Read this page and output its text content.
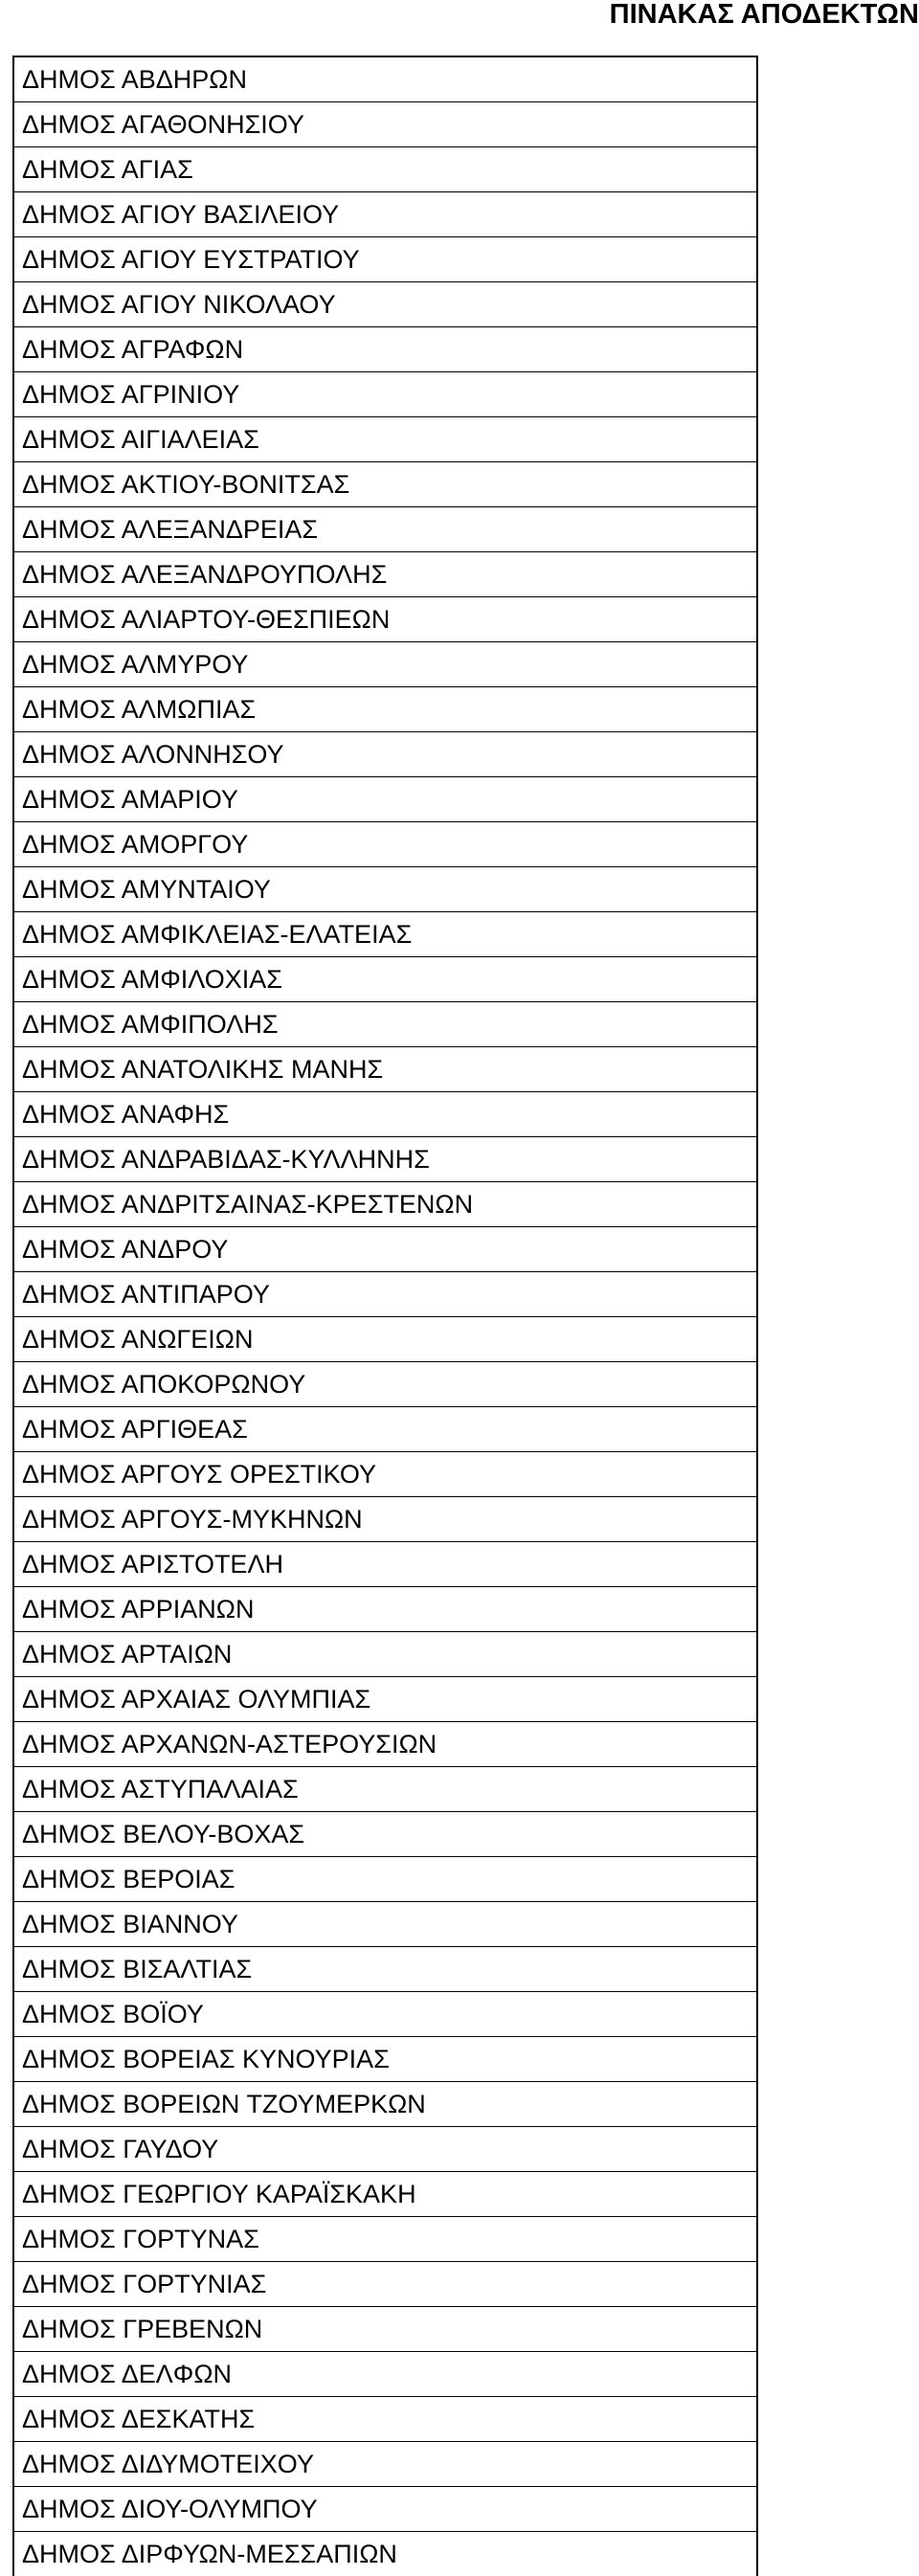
ΠΙΝΑΚΑΣ ΑΠΟΔΕΚΤΩΝ
ΔΗΜΟΣ ΑΒΔΗΡΩΝ
ΔΗΜΟΣ ΑΓΑΘΟΝΗΣΙΟΥ
ΔΗΜΟΣ ΑΓΙΑΣ
ΔΗΜΟΣ ΑΓΙΟΥ ΒΑΣΙΛΕΙΟΥ
ΔΗΜΟΣ ΑΓΙΟΥ ΕΥΣΤΡΑΤΙΟΥ
ΔΗΜΟΣ ΑΓΙΟΥ ΝΙΚΟΛΑΟΥ
ΔΗΜΟΣ ΑΓΡΑΦΩΝ
ΔΗΜΟΣ ΑΓΡΙΝΙΟΥ
ΔΗΜΟΣ ΑΙΓΙΑΛΕΙΑΣ
ΔΗΜΟΣ ΑΚΤΙΟΥ-ΒΟΝΙΤΣΑΣ
ΔΗΜΟΣ ΑΛΕΞΑΝΔΡΕΙΑΣ
ΔΗΜΟΣ ΑΛΕΞΑΝΔΡΟΥΠΟΛΗΣ
ΔΗΜΟΣ ΑΛΙΑΡΤΟΥ-ΘΕΣΠΙΕΩΝ
ΔΗΜΟΣ ΑΛΜΥΡΟΥ
ΔΗΜΟΣ ΑΛΜΩΠΙΑΣ
ΔΗΜΟΣ ΑΛΟΝΝΗΣΟΥ
ΔΗΜΟΣ ΑΜΑΡΙΟΥ
ΔΗΜΟΣ ΑΜΟΡΓΟΥ
ΔΗΜΟΣ ΑΜΥΝΤΑΙΟΥ
ΔΗΜΟΣ ΑΜΦΙΚΛΕΙΑΣ-ΕΛΑΤΕΙΑΣ
ΔΗΜΟΣ ΑΜΦΙΛΟΧΙΑΣ
ΔΗΜΟΣ ΑΜΦΙΠΟΛΗΣ
ΔΗΜΟΣ ΑΝΑΤΟΛΙΚΗΣ ΜΑΝΗΣ
ΔΗΜΟΣ ΑΝΑΦΗΣ
ΔΗΜΟΣ ΑΝΔΡΑΒΙΔΑΣ-ΚΥΛΛΗΝΗΣ
ΔΗΜΟΣ ΑΝΔΡΙΤΣΑΙΝΑΣ-ΚΡΕΣΤΕΝΩΝ
ΔΗΜΟΣ ΑΝΔΡΟΥ
ΔΗΜΟΣ ΑΝΤΙΠΑΡΟΥ
ΔΗΜΟΣ ΑΝΩΓΕΙΩΝ
ΔΗΜΟΣ ΑΠΟΚΟΡΩΝΟΥ
ΔΗΜΟΣ ΑΡΓΙΘΕΑΣ
ΔΗΜΟΣ ΑΡΓΟΥΣ ΟΡΕΣΤΙΚΟΥ
ΔΗΜΟΣ ΑΡΓΟΥΣ-ΜΥΚΗΝΩΝ
ΔΗΜΟΣ ΑΡΙΣΤΟΤΕΛΗ
ΔΗΜΟΣ ΑΡΡΙΑΝΩΝ
ΔΗΜΟΣ ΑΡΤΑΙΩΝ
ΔΗΜΟΣ ΑΡΧΑΙΑΣ ΟΛΥΜΠΙΑΣ
ΔΗΜΟΣ ΑΡΧΑΝΩΝ-ΑΣΤΕΡΟΥΣΙΩΝ
ΔΗΜΟΣ ΑΣΤΥΠΑΛΑΙΑΣ
ΔΗΜΟΣ ΒΕΛΟΥ-ΒΟΧΑΣ
ΔΗΜΟΣ ΒΕΡΟΙΑΣ
ΔΗΜΟΣ ΒΙΑΝΝΟΥ
ΔΗΜΟΣ ΒΙΣΑΛΤΙΑΣ
ΔΗΜΟΣ ΒΟΪΟΥ
ΔΗΜΟΣ ΒΟΡΕΙΑΣ ΚΥΝΟΥΡΙΑΣ
ΔΗΜΟΣ ΒΟΡΕΙΩΝ ΤΖΟΥΜΕΡΚΩΝ
ΔΗΜΟΣ ΓΑΥΔΟΥ
ΔΗΜΟΣ ΓΕΩΡΓΙΟΥ ΚΑΡΑΪΣΚΑΚΗ
ΔΗΜΟΣ ΓΟΡΤΥΝΑΣ
ΔΗΜΟΣ ΓΟΡΤΥΝΙΑΣ
ΔΗΜΟΣ ΓΡΕΒΕΝΩΝ
ΔΗΜΟΣ ΔΕΛΦΩΝ
ΔΗΜΟΣ ΔΕΣΚΑΤΗΣ
ΔΗΜΟΣ ΔΙΔΥΜΟΤΕΙΧΟΥ
ΔΗΜΟΣ ΔΙΟΥ-ΟΛΥΜΠΟΥ
ΔΗΜΟΣ ΔΙΡΦΥΩΝ-ΜΕΣΣΑΠΙΩΝ
